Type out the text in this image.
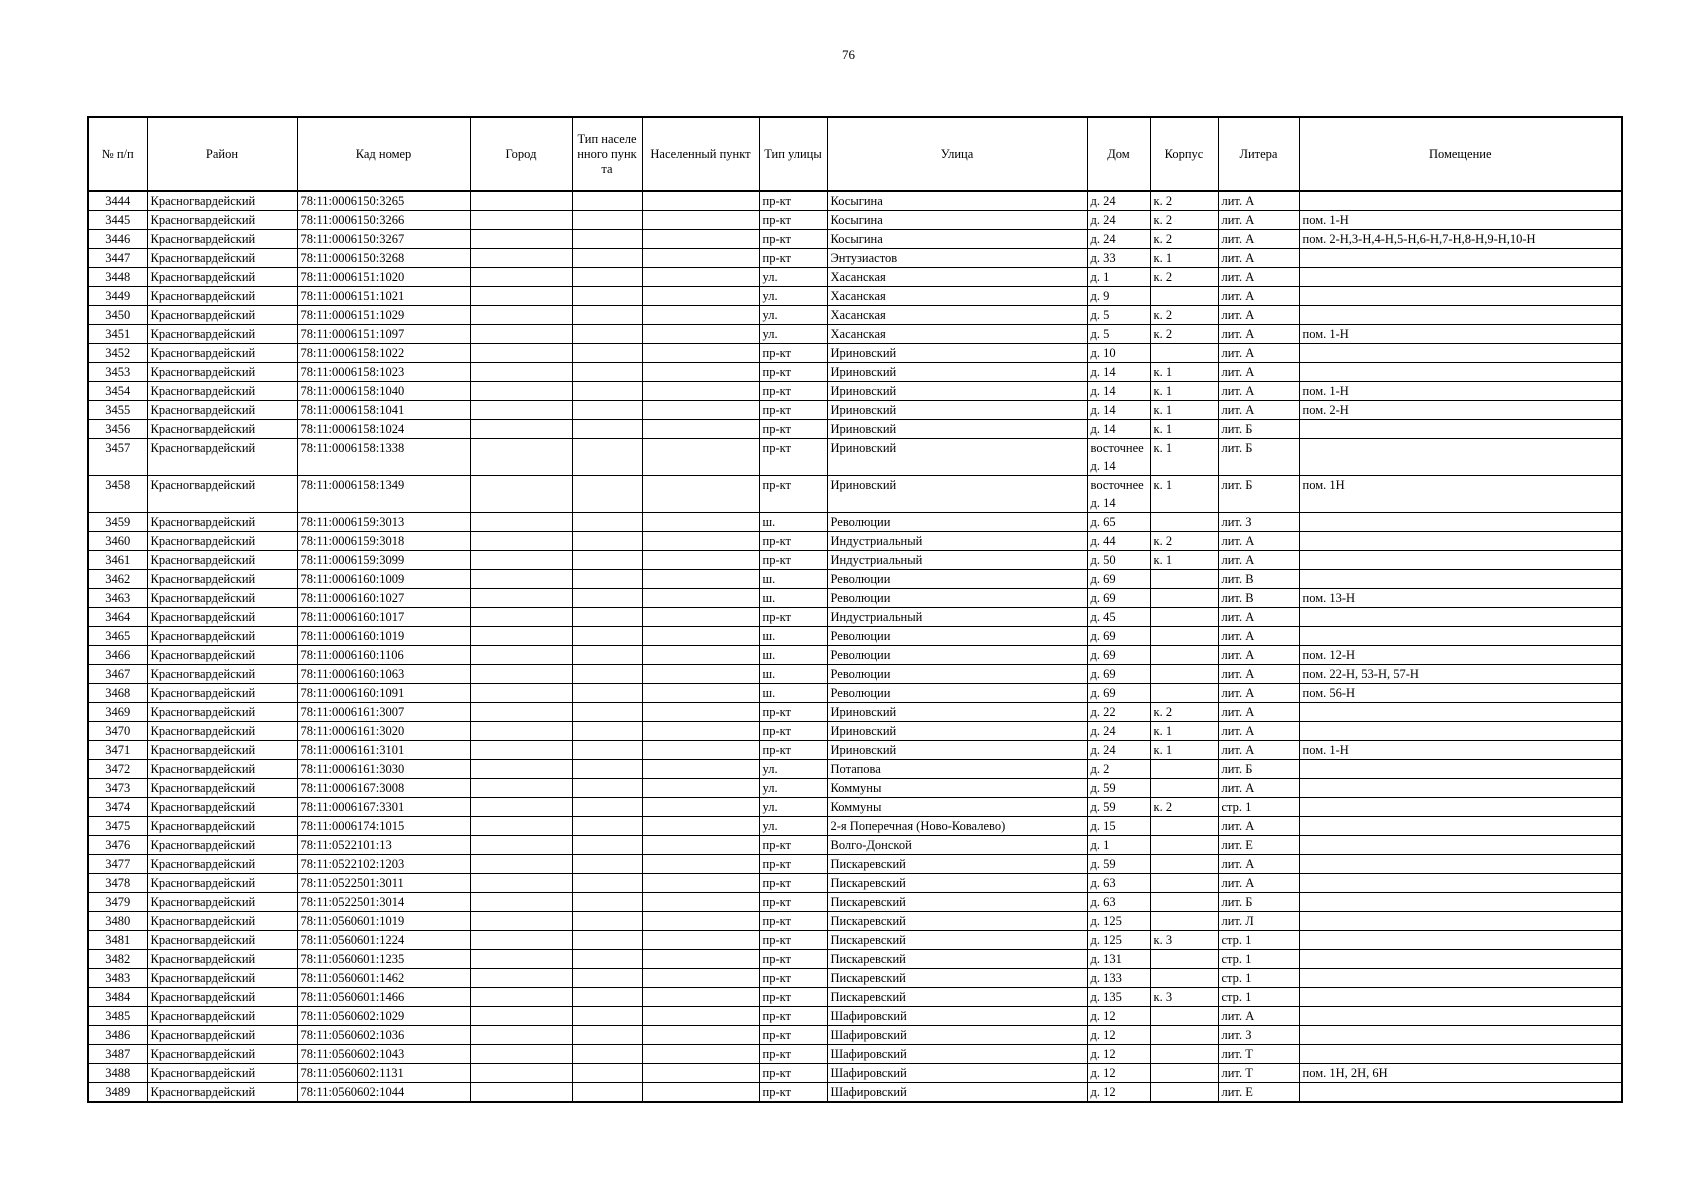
76
№ п/п	Район	Кад номер	Город	Тип населенного пункта	Населенный пункт	Тип улицы	Улица	Дом	Корпус	Литера	Помещение
3444	Красногвардейский	78:11:0006150:3265				пр-кт	Косыгина	д. 24	к. 2	лит. А	
3445	Красногвардейский	78:11:0006150:3266				пр-кт	Косыгина	д. 24	к. 2	лит. А	пом. 1-Н
3446	Красногвардейский	78:11:0006150:3267				пр-кт	Косыгина	д. 24	к. 2	лит. А	пом. 2-Н,3-Н,4-Н,5-Н,6-Н,7-Н,8-Н,9-Н,10-Н
3447	Красногвардейский	78:11:0006150:3268				пр-кт	Энтузиастов	д. 33	к. 1	лит. А	
3448	Красногвардейский	78:11:0006151:1020				ул.	Хасанская	д. 1	к. 2	лит. А	
3449	Красногвардейский	78:11:0006151:1021				ул.	Хасанская	д. 9		лит. А	
3450	Красногвардейский	78:11:0006151:1029				ул.	Хасанская	д. 5	к. 2	лит. А	
3451	Красногвардейский	78:11:0006151:1097				ул.	Хасанская	д. 5	к. 2	лит. А	пом. 1-Н
3452	Красногвардейский	78:11:0006158:1022				пр-кт	Ириновский	д. 10		лит. А	
3453	Красногвардейский	78:11:0006158:1023				пр-кт	Ириновский	д. 14	к. 1	лит. А	
3454	Красногвардейский	78:11:0006158:1040				пр-кт	Ириновский	д. 14	к. 1	лит. А	пом. 1-Н
3455	Красногвардейский	78:11:0006158:1041				пр-кт	Ириновский	д. 14	к. 1	лит. А	пом. 2-Н
3456	Красногвардейский	78:11:0006158:1024				пр-кт	Ириновский	д. 14	к. 1	лит. Б	
3457	Красногвардейский	78:11:0006158:1338				пр-кт	Ириновский	восточнее д. 14	к. 1	лит. Б	
3458	Красногвардейский	78:11:0006158:1349				пр-кт	Ириновский	восточнее д. 14	к. 1	лит. Б	пом. 1Н
3459	Красногвардейский	78:11:0006159:3013				ш.	Революции	д. 65		лит. З	
3460	Красногвардейский	78:11:0006159:3018				пр-кт	Индустриальный	д. 44	к. 2	лит. А	
3461	Красногвардейский	78:11:0006159:3099				пр-кт	Индустриальный	д. 50	к. 1	лит. А	
3462	Красногвардейский	78:11:0006160:1009				ш.	Революции	д. 69		лит. В	
3463	Красногвардейский	78:11:0006160:1027				ш.	Революции	д. 69		лит. В	пом. 13-Н
3464	Красногвардейский	78:11:0006160:1017				пр-кт	Индустриальный	д. 45		лит. А	
3465	Красногвардейский	78:11:0006160:1019				ш.	Революции	д. 69		лит. А	
3466	Красногвардейский	78:11:0006160:1106				ш.	Революции	д. 69		лит. А	пом. 12-Н
3467	Красногвардейский	78:11:0006160:1063				ш.	Революции	д. 69		лит. А	пом. 22-Н, 53-Н, 57-Н
3468	Красногвардейский	78:11:0006160:1091				ш.	Революции	д. 69		лит. А	пом. 56-Н
3469	Красногвардейский	78:11:0006161:3007				пр-кт	Ириновский	д. 22	к. 2	лит. А	
3470	Красногвардейский	78:11:0006161:3020				пр-кт	Ириновский	д. 24	к. 1	лит. А	
3471	Красногвардейский	78:11:0006161:3101				пр-кт	Ириновский	д. 24	к. 1	лит. А	пом. 1-Н
3472	Красногвардейский	78:11:0006161:3030				ул.	Потапова	д. 2		лит. Б	
3473	Красногвардейский	78:11:0006167:3008				ул.	Коммуны	д. 59		лит. А	
3474	Красногвардейский	78:11:0006167:3301				ул.	Коммуны	д. 59	к. 2	стр. 1	
3475	Красногвардейский	78:11:0006174:1015				ул.	2-я Поперечная (Ново-Ковалево)	д. 15		лит. А	
3476	Красногвардейский	78:11:0522101:13				пр-кт	Волго-Донской	д. 1		лит. Е	
3477	Красногвардейский	78:11:0522102:1203				пр-кт	Пискаревский	д. 59		лит. А	
3478	Красногвардейский	78:11:0522501:3011				пр-кт	Пискаревский	д. 63		лит. А	
3479	Красногвардейский	78:11:0522501:3014				пр-кт	Пискаревский	д. 63		лит. Б	
3480	Красногвардейский	78:11:0560601:1019				пр-кт	Пискаревский	д. 125		лит. Л	
3481	Красногвардейский	78:11:0560601:1224				пр-кт	Пискаревский	д. 125	к. 3	стр. 1	
3482	Красногвардейский	78:11:0560601:1235				пр-кт	Пискаревский	д. 131		стр. 1	
3483	Красногвардейский	78:11:0560601:1462				пр-кт	Пискаревский	д. 133		стр. 1	
3484	Красногвардейский	78:11:0560601:1466				пр-кт	Пискаревский	д. 135	к. 3	стр. 1	
3485	Красногвардейский	78:11:0560602:1029				пр-кт	Шафировский	д. 12		лит. А	
3486	Красногвардейский	78:11:0560602:1036				пр-кт	Шафировский	д. 12		лит. З	
3487	Красногвардейский	78:11:0560602:1043				пр-кт	Шафировский	д. 12		лит. Т	
3488	Красногвардейский	78:11:0560602:1131				пр-кт	Шафировский	д. 12		лит. Т	пом. 1Н, 2Н, 6Н
3489	Красногвардейский	78:11:0560602:1044				пр-кт	Шафировский	д. 12		лит. Е	
